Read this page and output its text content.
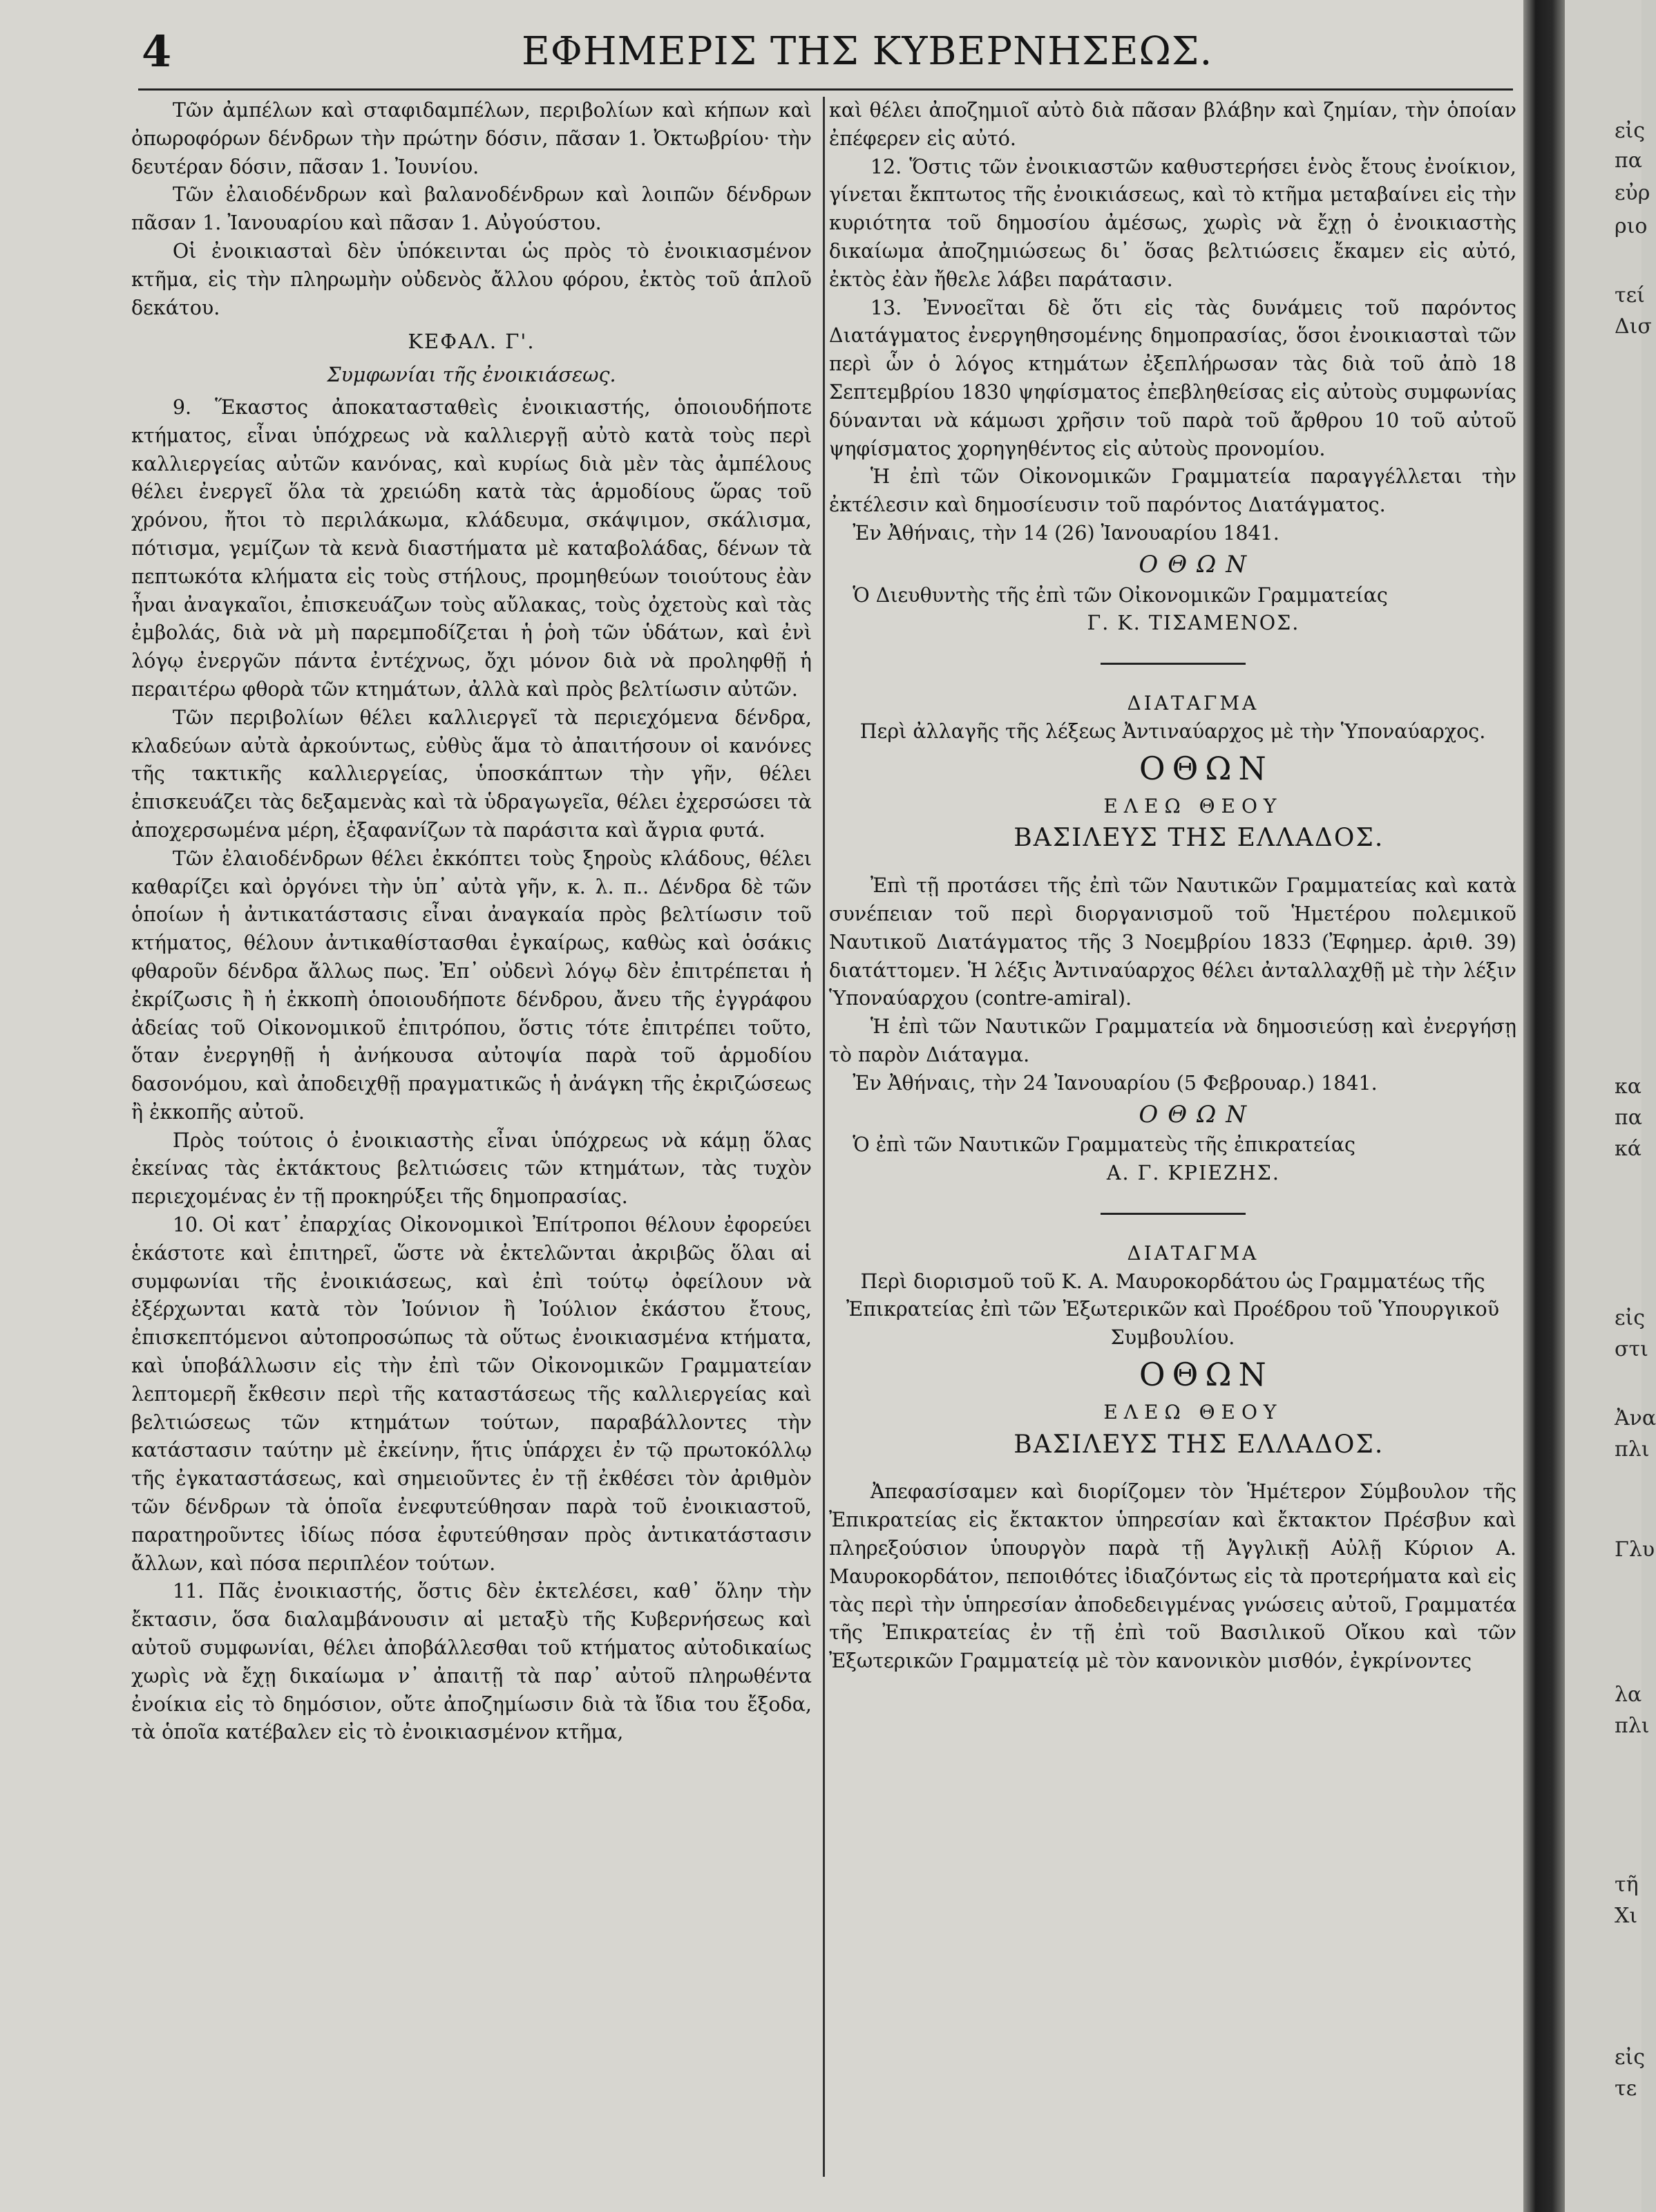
4	ΕΦΗΜΕΡΙΣ ΤΗΣ ΚΥΒΕΡΝΗΣΕΩΣ.

Τῶν ἀμπέλων καὶ σταφιδαμπέλων, περιβολίων καὶ κήπων καὶ ὀπωροφόρων δένδρων τὴν πρώτην δόσιν, πᾶσαν 1. Ὀκτωβρίου· τὴν δευτέραν δόσιν, πᾶσαν 1. Ἰουνίου.

Τῶν ἐλαιοδένδρων καὶ βαλανοδένδρων καὶ λοιπῶν δένδρων πᾶσαν 1. Ἰανουαρίου καὶ πᾶσαν 1. Αὐγούστου.

Οἱ ἐνοικιασταὶ δὲν ὑπόκεινται ὡς πρὸς τὸ ἐνοικιασμένον κτῆμα, εἰς τὴν πληρωμὴν οὐδενὸς ἄλλου φόρου, ἐκτὸς τοῦ ἁπλοῦ δεκάτου.

ΚΕΦΑΛ. Γ'.

Συμφωνίαι τῆς ἐνοικιάσεως.

9. Ἕκαστος ἀποκατασταθεὶς ἐνοικιαστής, ὁποιουδήποτε κτήματος, εἶναι ὑπόχρεως νὰ καλλιεργῇ αὐτὸ κατὰ τοὺς περὶ καλλιεργείας αὐτῶν κανόνας, καὶ κυρίως διὰ μὲν τὰς ἀμπέλους θέλει ἐνεργεῖ ὅλα τὰ χρειώδη κατὰ τὰς ἁρμοδίους ὥρας τοῦ χρόνου, ἤτοι τὸ περιλάκωμα, κλάδευμα, σκάψιμον, σκάλισμα, πότισμα, γεμίζων τὰ κενὰ διαστήματα μὲ καταβολάδας, δένων τὰ πεπτωκότα κλήματα εἰς τοὺς στήλους, προμηθεύων τοιούτους ἐὰν ἦναι ἀναγκαῖοι, ἐπισκευάζων τοὺς αὔλακας, τοὺς ὀχετοὺς καὶ τὰς ἐμβολάς, διὰ νὰ μὴ παρεμποδίζεται ἡ ῥοὴ τῶν ὑδάτων, καὶ ἐνὶ λόγῳ ἐνεργῶν πάντα ἐντέχνως, ὄχι μόνον διὰ νὰ προληφθῇ ἡ περαιτέρω φθορὰ τῶν κτημάτων, ἀλλὰ καὶ πρὸς βελτίωσιν αὐτῶν.

Τῶν περιβολίων θέλει καλλιεργεῖ τὰ περιεχόμενα δένδρα, κλαδεύων αὐτὰ ἀρκούντως, εὐθὺς ἅμα τὸ ἀπαιτήσουν οἱ κανόνες τῆς τακτικῆς καλλιεργείας, ὑποσκάπτων τὴν γῆν, θέλει ἐπισκευάζει τὰς δεξαμενὰς καὶ τὰ ὑδραγωγεῖα, θέλει ἐχερσώσει τὰ ἀποχερσωμένα μέρη, ἐξαφανίζων τὰ παράσιτα καὶ ἄγρια φυτά.

Τῶν ἐλαιοδένδρων θέλει ἐκκόπτει τοὺς ξηροὺς κλάδους, θέλει καθαρίζει καὶ ὀργόνει τὴν ὑπ᾿ αὐτὰ γῆν, κ. λ. π.. Δένδρα δὲ τῶν ὁποίων ἡ ἀντικατάστασις εἶναι ἀναγκαία πρὸς βελτίωσιν τοῦ κτήματος, θέλουν ἀντικαθίστασθαι ἐγκαίρως, καθὼς καὶ ὁσάκις φθαροῦν δένδρα ἄλλως πως. Ἐπ᾿ οὐδενὶ λόγῳ δὲν ἐπιτρέπεται ἡ ἐκρίζωσις ἢ ἡ ἐκκοπὴ ὁποιουδήποτε δένδρου, ἄνευ τῆς ἐγγράφου ἀδείας τοῦ Οἰκονομικοῦ ἐπιτρόπου, ὅστις τότε ἐπιτρέπει τοῦτο, ὅταν ἐνεργηθῇ ἡ ἀνήκουσα αὐτοψία παρὰ τοῦ ἁρμοδίου δασονόμου, καὶ ἀποδειχθῇ πραγματικῶς ἡ ἀνάγκη τῆς ἐκριζώσεως ἢ ἐκκοπῆς αὐτοῦ.

Πρὸς τούτοις ὁ ἐνοικιαστὴς εἶναι ὑπόχρεως νὰ κάμῃ ὅλας ἐκείνας τὰς ἐκτάκτους βελτιώσεις τῶν κτημάτων, τὰς τυχὸν περιεχομένας ἐν τῇ προκηρύξει τῆς δημοπρασίας.

10. Οἱ κατ᾿ ἐπαρχίας Οἰκονομικοὶ Ἐπίτροποι θέλουν ἐφορεύει ἑκάστοτε καὶ ἐπιτηρεῖ, ὥστε νὰ ἐκτελῶνται ἀκριβῶς ὅλαι αἱ συμφωνίαι τῆς ἐνοικιάσεως, καὶ ἐπὶ τούτῳ ὀφείλουν νὰ ἐξέρχωνται κατὰ τὸν Ἰούνιον ἢ Ἰούλιον ἑκάστου ἔτους, ἐπισκεπτόμενοι αὐτοπροσώπως τὰ οὕτως ἐνοικιασμένα κτήματα, καὶ ὑποβάλλωσιν εἰς τὴν ἐπὶ τῶν Οἰκονομικῶν Γραμματείαν λεπτομερῆ ἔκθεσιν περὶ τῆς καταστάσεως τῆς καλλιεργείας καὶ βελτιώσεως τῶν κτημάτων τούτων, παραβάλλοντες τὴν κατάστασιν ταύτην μὲ ἐκείνην, ἥτις ὑπάρχει ἐν τῷ πρωτοκόλλῳ τῆς ἐγκαταστάσεως, καὶ σημειοῦντες ἐν τῇ ἐκθέσει τὸν ἀριθμὸν τῶν δένδρων τὰ ὁποῖα ἐνεφυτεύθησαν παρὰ τοῦ ἐνοικιαστοῦ, παρατηροῦντες ἰδίως πόσα ἐφυτεύθησαν πρὸς ἀντικατάστασιν ἄλλων, καὶ πόσα περιπλέον τούτων.

11. Πᾶς ἐνοικιαστής, ὅστις δὲν ἐκτελέσει, καθ᾿ ὅλην τὴν ἔκτασιν, ὅσα διαλαμβάνουσιν αἱ μεταξὺ τῆς Κυβερνήσεως καὶ αὐτοῦ συμφωνίαι, θέλει ἀποβάλλεσθαι τοῦ κτήματος αὐτοδικαίως χωρὶς νὰ ἔχῃ δικαίωμα ν᾿ ἀπαιτῇ τὰ παρ᾿ αὐτοῦ πληρωθέντα ἐνοίκια εἰς τὸ δημόσιον, οὔτε ἀποζημίωσιν διὰ τὰ ἴδια του ἔξοδα, τὰ ὁποῖα κατέβαλεν εἰς τὸ ἐνοικιασμένον κτῆμα,

καὶ θέλει ἀποζημιοῖ αὐτὸ διὰ πᾶσαν βλάβην καὶ ζημίαν, τὴν ὁποίαν ἐπέφερεν εἰς αὐτό.

12. Ὅστις τῶν ἐνοικιαστῶν καθυστερήσει ἑνὸς ἔτους ἐνοίκιον, γίνεται ἔκπτωτος τῆς ἐνοικιάσεως, καὶ τὸ κτῆμα μεταβαίνει εἰς τὴν κυριότητα τοῦ δημοσίου ἀμέσως, χωρὶς νὰ ἔχῃ ὁ ἐνοικιαστὴς δικαίωμα ἀποζημιώσεως δι᾿ ὅσας βελτιώσεις ἔκαμεν εἰς αὐτό, ἐκτὸς ἐὰν ἤθελε λάβει παράτασιν.

13. Ἐννοεῖται δὲ ὅτι εἰς τὰς δυνάμεις τοῦ παρόντος Διατάγματος ἐνεργηθησομένης δημοπρασίας, ὅσοι ἐνοικιασταὶ τῶν περὶ ὧν ὁ λόγος κτημάτων ἐξεπλήρωσαν τὰς διὰ τοῦ ἀπὸ 18 Σεπτεμβρίου 1830 ψηφίσματος ἐπεβληθείσας εἰς αὐτοὺς συμφωνίας δύνανται νὰ κάμωσι χρῆσιν τοῦ παρὰ τοῦ ἄρθρου 10 τοῦ αὐτοῦ ψηφίσματος χορηγηθέντος εἰς αὐτοὺς προνομίου.

Ἡ ἐπὶ τῶν Οἰκονομικῶν Γραμματεία παραγγέλλεται τὴν ἐκτέλεσιν καὶ δημοσίευσιν τοῦ παρόντος Διατάγματος.

Ἐν Ἀθήναις, τὴν 14 (26) Ἰανουαρίου 1841.

ΟΘΩΝ

Ὁ Διευθυντὴς τῆς ἐπὶ τῶν Οἰκονομικῶν Γραμματείας

Γ. Κ. ΤΙΣΑΜΕΝΟΣ.

ΔΙΑΤΑΓΜΑ

Περὶ ἀλλαγῆς τῆς λέξεως Ἀντιναύαρχος μὲ τὴν Ὑποναύαρχος.

ΟΘΩΝ

ΕΛΕΩ ΘΕΟΥ

ΒΑΣΙΛΕΥΣ ΤΗΣ ΕΛΛΑΔΟΣ.

Ἐπὶ τῇ προτάσει τῆς ἐπὶ τῶν Ναυτικῶν Γραμματείας καὶ κατὰ συνέπειαν τοῦ περὶ διοργανισμοῦ τοῦ Ἡμετέρου πολεμικοῦ Ναυτικοῦ Διατάγματος τῆς 3 Νοεμβρίου 1833 (Ἐφημερ. ἀριθ. 39) διατάττομεν. Ἡ λέξις Ἀντιναύαρχος θέλει ἀνταλλαχθῇ μὲ τὴν λέξιν Ὑποναύαρχου (contre-amiral).

Ἡ ἐπὶ τῶν Ναυτικῶν Γραμματεία νὰ δημοσιεύσῃ καὶ ἐνεργήσῃ τὸ παρὸν Διάταγμα.

Ἐν Ἀθήναις, τὴν 24 Ἰανουαρίου (5 Φεβρουαρ.) 1841.

ΟΘΩΝ

Ὁ ἐπὶ τῶν Ναυτικῶν Γραμματεὺς τῆς ἐπικρατείας

Α. Γ. ΚΡΙΕΖΗΣ.

ΔΙΑΤΑΓΜΑ

Περὶ διορισμοῦ τοῦ Κ. Α. Μαυροκορδάτου ὡς Γραμματέως τῆς Ἐπικρατείας ἐπὶ τῶν Ἐξωτερικῶν καὶ Προέδρου τοῦ Ὑπουργικοῦ Συμβουλίου.

ΟΘΩΝ

ΕΛΕΩ ΘΕΟΥ

ΒΑΣΙΛΕΥΣ ΤΗΣ ΕΛΛΑΔΟΣ.

Ἀπεφασίσαμεν καὶ διορίζομεν τὸν Ἡμέτερον Σύμβουλον τῆς Ἐπικρατείας εἰς ἔκτακτον ὑπηρεσίαν καὶ ἔκτακτον Πρέσβυν καὶ πληρεξούσιον ὑπουργὸν παρὰ τῇ Ἀγγλικῇ Αὐλῇ Κύριον Α. Μαυροκορδάτον, πεποιθότες ἰδιαζόντως εἰς τὰ προτερήματα καὶ εἰς τὰς περὶ τὴν ὑπηρεσίαν ἀποδεδειγμένας γνώσεις αὐτοῦ, Γραμματέα τῆς Ἐπικρατείας ἐν τῇ ἐπὶ τοῦ Βασιλικοῦ Οἴκου καὶ τῶν Ἐξωτερικῶν Γραμματείᾳ μὲ τὸν κανονικὸν μισθόν, ἐγκρίνοντες

εἰς
πα
εὐρ
ριο
τεί
Δισ
κα
πα
κά
εἰς
στι
Ἀνα
πλι
Γλυ
λα
πλι
τῆ
Χι
εἰς
τε
